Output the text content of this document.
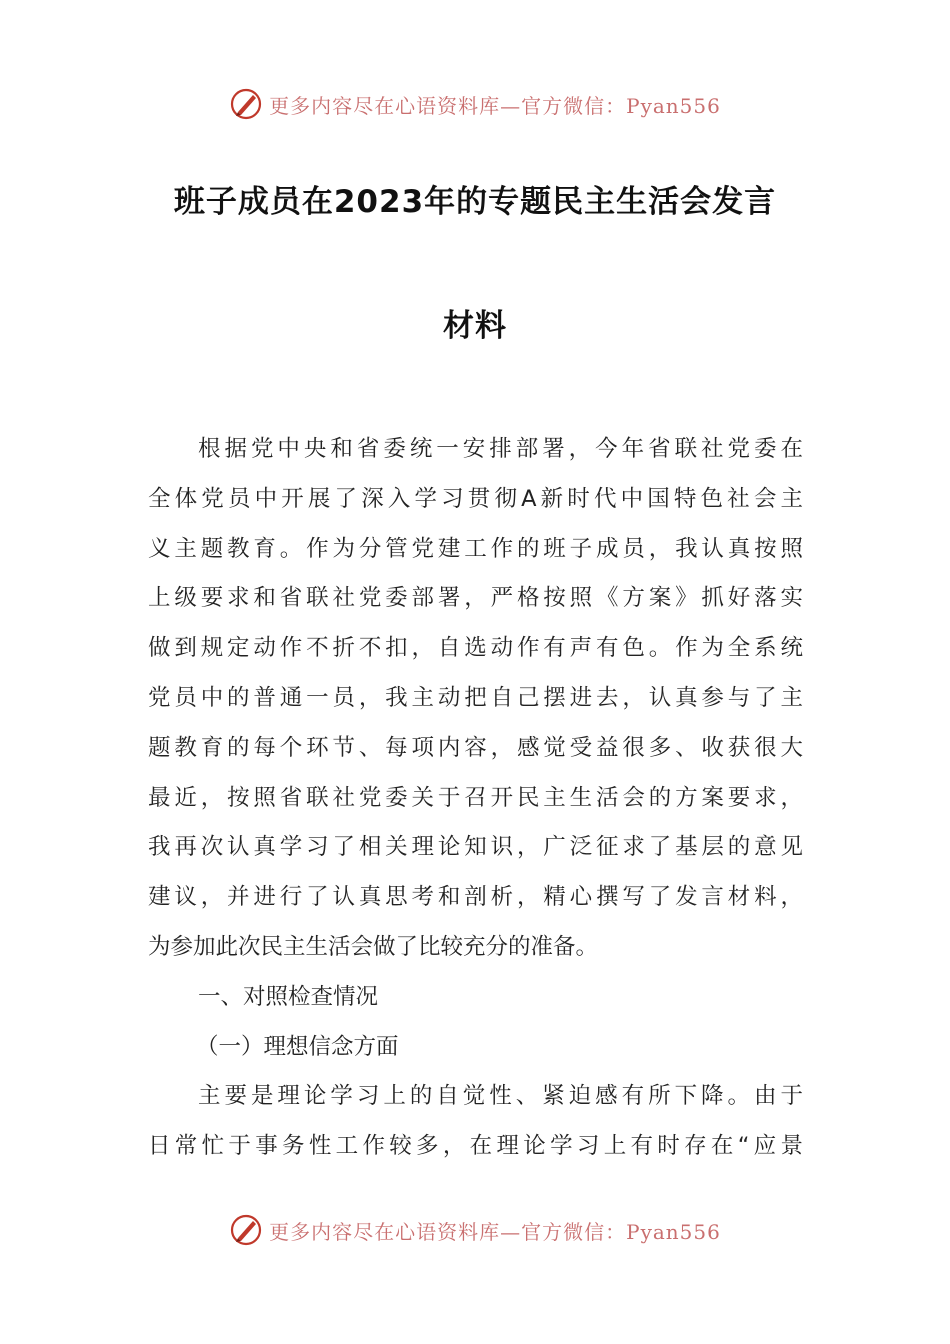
更多内容尽在心语资料库—官方微信：Pyan556
班子成员在2023年的专题民主生活会发言
材料
根据党中央和省委统一安排部署，今年省联社党委在
全体党员中开展了深入学习贯彻A新时代中国特色社会主
义主题教育。作为分管党建工作的班子成员，我认真按照
上级要求和省联社党委部署，严格按照《方案》抓好落实
做到规定动作不折不扣，自选动作有声有色。作为全系统
党员中的普通一员，我主动把自己摆进去，认真参与了主
题教育的每个环节、每项内容，感觉受益很多、收获很大
最近，按照省联社党委关于召开民主生活会的方案要求，
我再次认真学习了相关理论知识，广泛征求了基层的意见
建议，并进行了认真思考和剖析，精心撰写了发言材料，
为参加此次民主生活会做了比较充分的准备。
一、对照检查情况
（一）理想信念方面
主要是理论学习上的自觉性、紧迫感有所下降。由于
日常忙于事务性工作较多，在理论学习上有时存在“应景
更多内容尽在心语资料库—官方微信：Pyan556
